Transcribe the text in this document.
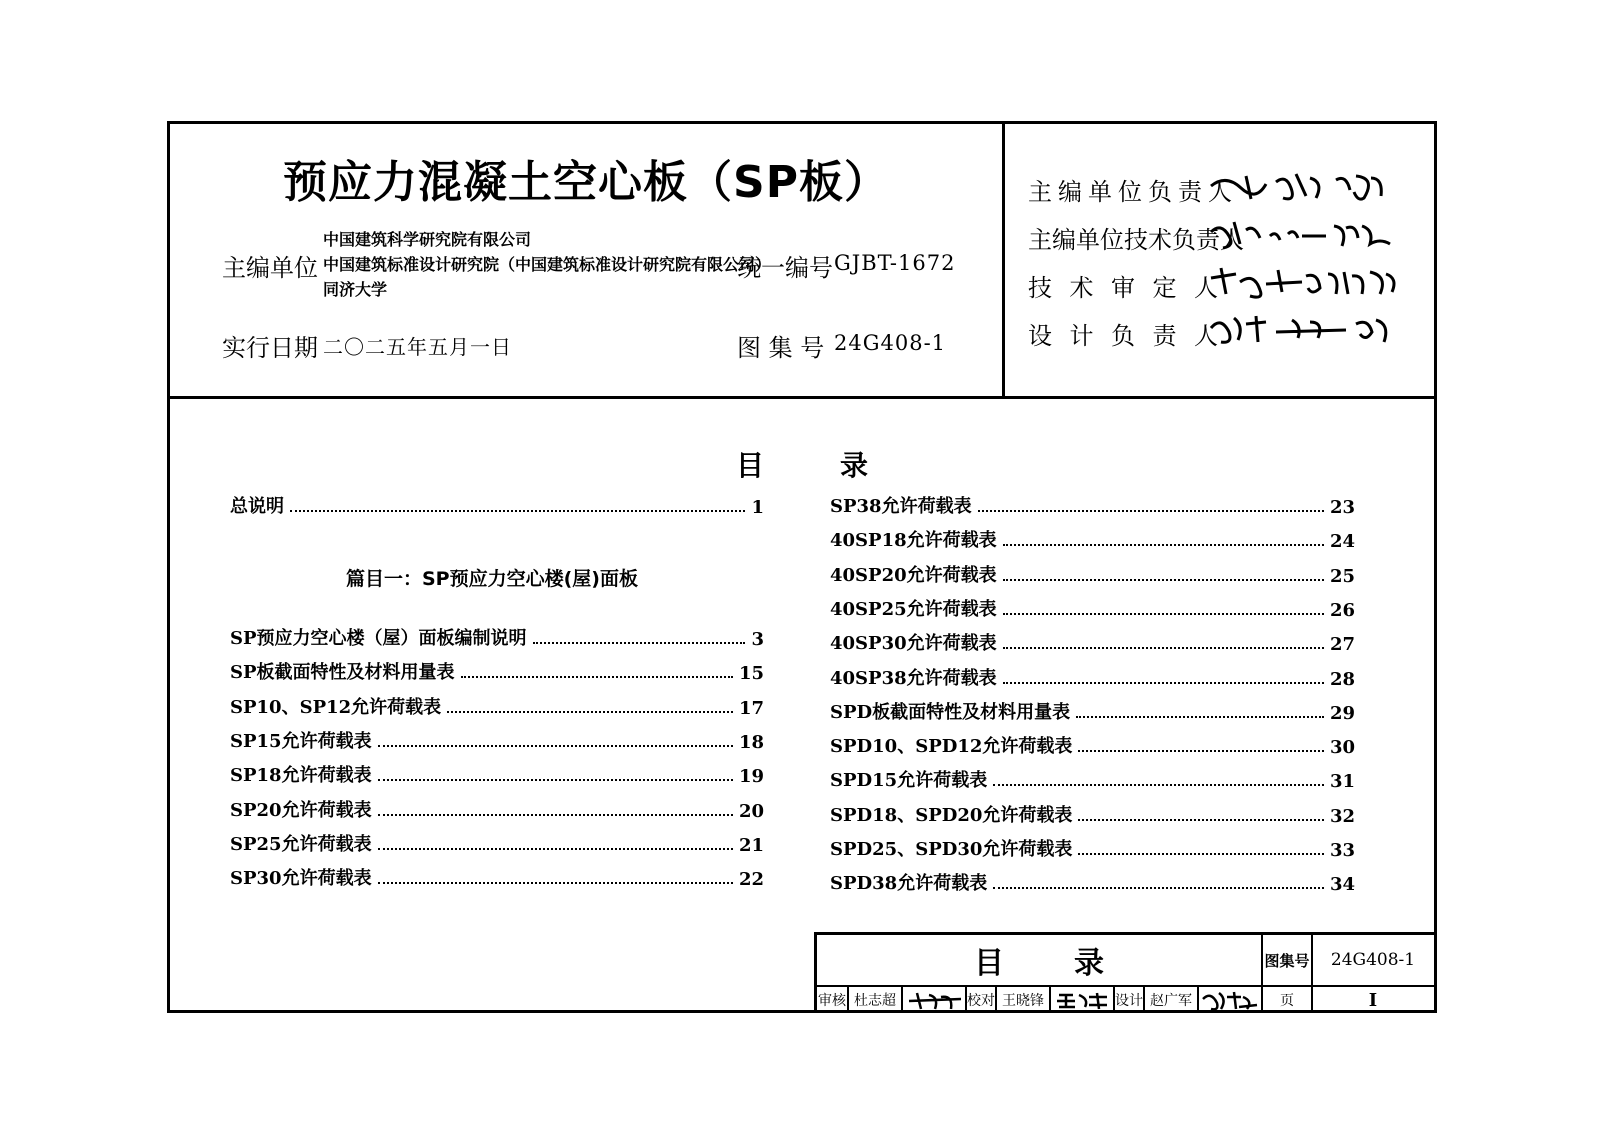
预应力混凝土空心板（SP板）
主编单位
中国建筑科学研究院有限公司
中国建筑标准设计研究院（中国建筑标准设计研究院有限公司）
同济大学
统一编号 GJBT-1672
实行日期 二〇二五年五月一日	图 集 号 24G408-1
主编单位负责人
主编单位技术负责人
技术审定人
设计负责人
目录
总说明	1
篇目一：SP预应力空心楼(屋)面板
SP预应力空心楼（屋）面板编制说明	3
SP板截面特性及材料用量表	15
SP10、SP12允许荷载表	17
SP15允许荷载表	18
SP18允许荷载表	19
SP20允许荷载表	20
SP25允许荷载表	21
SP30允许荷载表	22
SP38允许荷载表	23
40SP18允许荷载表	24
40SP20允许荷载表	25
40SP25允许荷载表	26
40SP30允许荷载表	27
40SP38允许荷载表	28
SPD板截面特性及材料用量表	29
SPD10、SPD12允许荷载表	30
SPD15允许荷载表	31
SPD18、SPD20允许荷载表	32
SPD25、SPD30允许荷载表	33
SPD38允许荷载表	34
目录	图集号	24G408-1
审核 杜志超	校对 王晓锋	设计 赵广军	页	I
